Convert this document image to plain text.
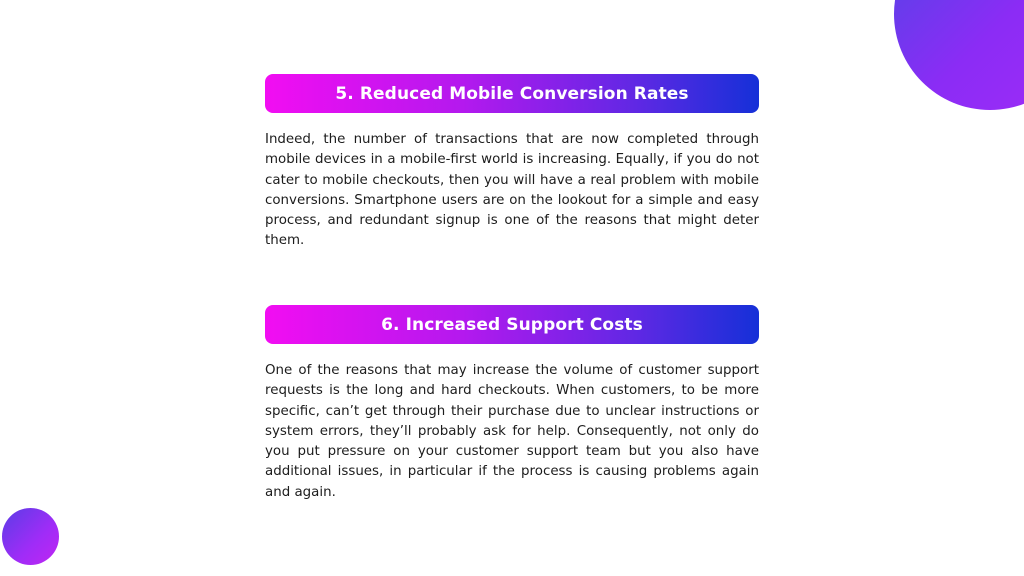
5. Reduced Mobile Conversion Rates

Indeed, the number of transactions that are now completed through mobile devices in a mobile-first world is increasing. Equally, if you do not cater to mobile checkouts, then you will have a real problem with mobile conversions. Smartphone users are on the lookout for a simple and easy process, and redundant signup is one of the reasons that might deter them.

6. Increased Support Costs

One of the reasons that may increase the volume of customer support requests is the long and hard checkouts. When customers, to be more specific, can’t get through their purchase due to unclear instructions or system errors, they’ll probably ask for help. Consequently, not only do you put pressure on your customer support team but you also have additional issues, in particular if the process is causing problems again and again.
